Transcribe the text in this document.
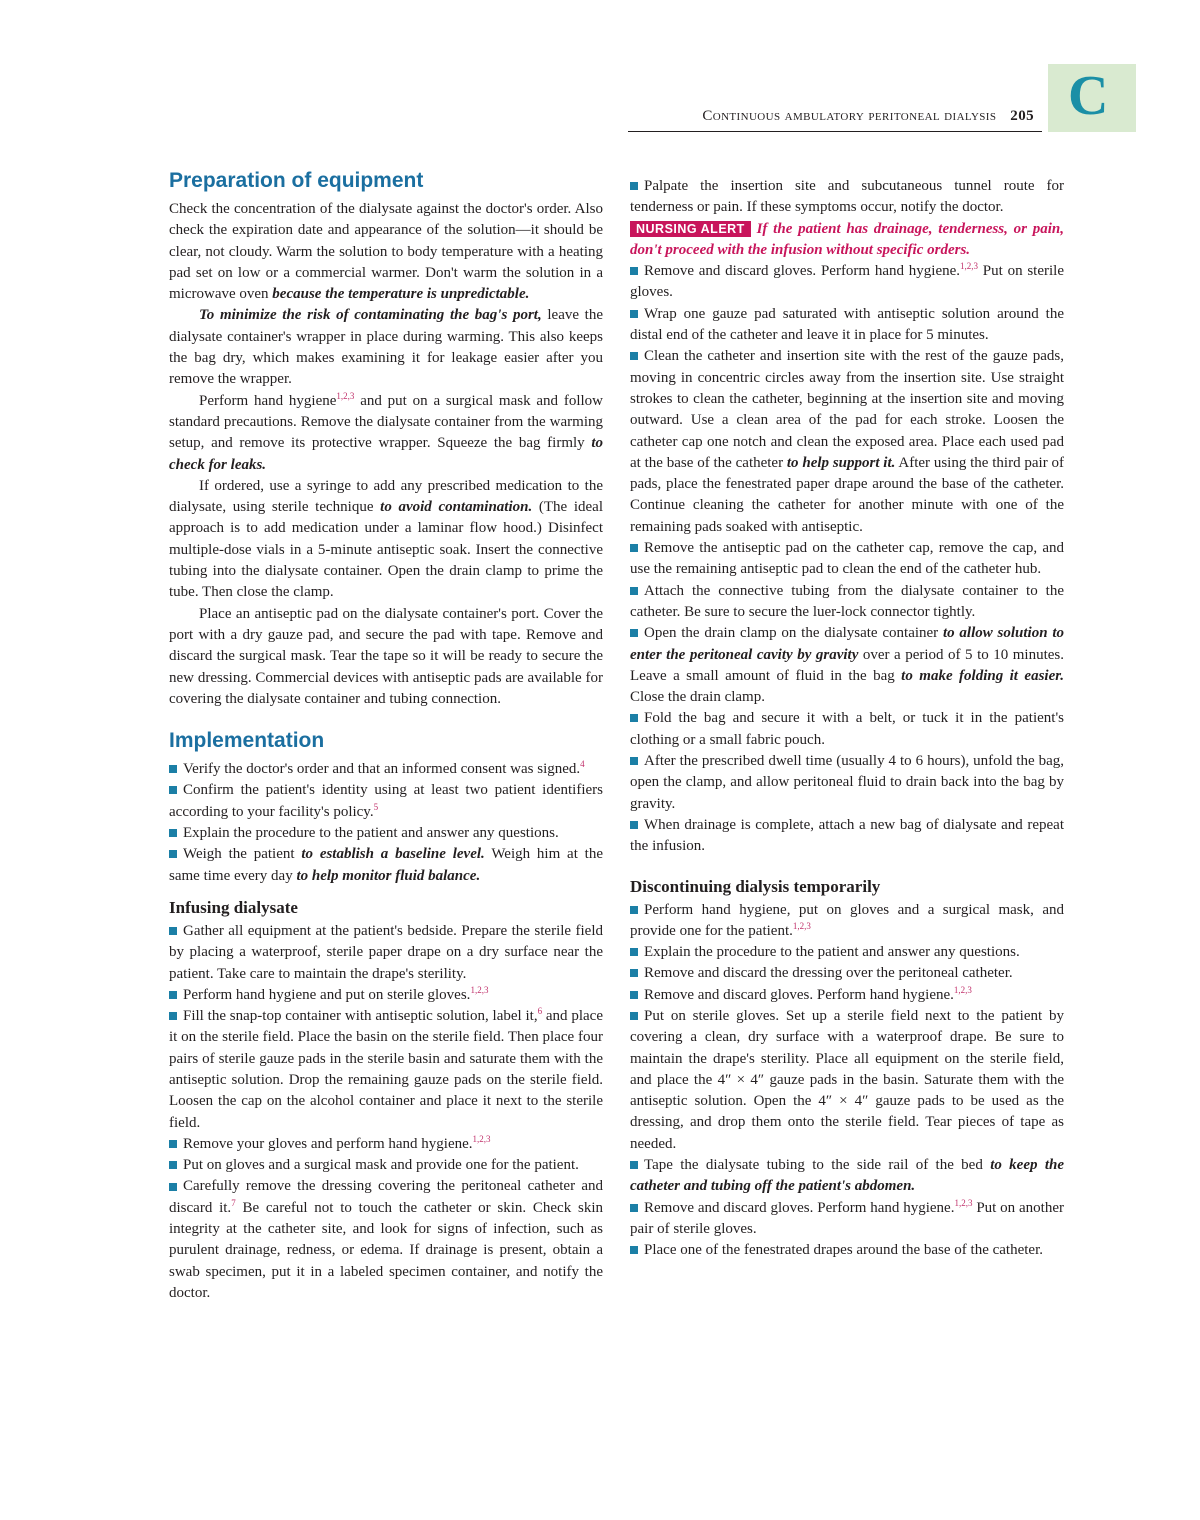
C
Continuous ambulatory peritoneal dialysis 205
Preparation of equipment

Check the concentration of the dialysate against the doctor's order. Also check the expiration date and appearance of the solution—it should be clear, not cloudy. Warm the solution to body temperature with a heating pad set on low or a commercial warmer. Don't warm the solution in a microwave oven because the temperature is unpredictable.

To minimize the risk of contaminating the bag's port, leave the dialysate container's wrapper in place during warming. This also keeps the bag dry, which makes examining it for leakage easier after you remove the wrapper.

Perform hand hygiene$^{1,2,3}$ and put on a surgical mask and follow standard precautions. Remove the dialysate container from the warming setup, and remove its protective wrapper. Squeeze the bag firmly to check for leaks.

If ordered, use a syringe to add any prescribed medication to the dialysate, using sterile technique to avoid contamination. (The ideal approach is to add medication under a laminar flow hood.) Disinfect multiple-dose vials in a 5-minute antiseptic soak. Insert the connective tubing into the dialysate container. Open the drain clamp to prime the tube. Then close the clamp.

Place an antiseptic pad on the dialysate container's port. Cover the port with a dry gauze pad, and secure the pad with tape. Remove and discard the surgical mask. Tear the tape so it will be ready to secure the new dressing. Commercial devices with antiseptic pads are available for covering the dialysate container and tubing connection.

Implementation

Verify the doctor's order and that an informed consent was signed.$^4$

Confirm the patient's identity using at least two patient identifiers according to your facility's policy.$^5$

Explain the procedure to the patient and answer any questions.

Weigh the patient to establish a baseline level. Weigh him at the same time every day to help monitor fluid balance.

Infusing dialysate

Gather all equipment at the patient's bedside. Prepare the sterile field by placing a waterproof, sterile paper drape on a dry surface near the patient. Take care to maintain the drape's sterility.

Perform hand hygiene and put on sterile gloves.$^{1,2,3}$

Fill the snap-top container with antiseptic solution, label it,$^6$ and place it on the sterile field. Place the basin on the sterile field. Then place four pairs of sterile gauze pads in the sterile basin and saturate them with the antiseptic solution. Drop the remaining gauze pads on the sterile field. Loosen the cap on the alcohol container and place it next to the sterile field.

Remove your gloves and perform hand hygiene.$^{1,2,3}$

Put on gloves and a surgical mask and provide one for the patient.

Carefully remove the dressing covering the peritoneal catheter and discard it.$^7$ Be careful not to touch the catheter or skin. Check skin integrity at the catheter site, and look for signs of infection, such as purulent drainage, redness, or edema. If drainage is present, obtain a swab specimen, put it in a labeled specimen container, and notify the doctor.

Palpate the insertion site and subcutaneous tunnel route for tenderness or pain. If these symptoms occur, notify the doctor.

NURSING ALERT If the patient has drainage, tenderness, or pain, don't proceed with the infusion without specific orders.

Remove and discard gloves. Perform hand hygiene.$^{1,2,3}$ Put on sterile gloves.

Wrap one gauze pad saturated with antiseptic solution around the distal end of the catheter and leave it in place for 5 minutes.

Clean the catheter and insertion site with the rest of the gauze pads, moving in concentric circles away from the insertion site. Use straight strokes to clean the catheter, beginning at the insertion site and moving outward. Use a clean area of the pad for each stroke. Loosen the catheter cap one notch and clean the exposed area. Place each used pad at the base of the catheter to help support it. After using the third pair of pads, place the fenestrated paper drape around the base of the catheter. Continue cleaning the catheter for another minute with one of the remaining pads soaked with antiseptic.

Remove the antiseptic pad on the catheter cap, remove the cap, and use the remaining antiseptic pad to clean the end of the catheter hub.

Attach the connective tubing from the dialysate container to the catheter. Be sure to secure the luer-lock connector tightly.

Open the drain clamp on the dialysate container to allow solution to enter the peritoneal cavity by gravity over a period of 5 to 10 minutes. Leave a small amount of fluid in the bag to make folding it easier. Close the drain clamp.

Fold the bag and secure it with a belt, or tuck it in the patient's clothing or a small fabric pouch.

After the prescribed dwell time (usually 4 to 6 hours), unfold the bag, open the clamp, and allow peritoneal fluid to drain back into the bag by gravity.

When drainage is complete, attach a new bag of dialysate and repeat the infusion.

Discontinuing dialysis temporarily

Perform hand hygiene, put on gloves and a surgical mask, and provide one for the patient.$^{1,2,3}$

Explain the procedure to the patient and answer any questions.

Remove and discard the dressing over the peritoneal catheter.

Remove and discard gloves. Perform hand hygiene.$^{1,2,3}$

Put on sterile gloves. Set up a sterile field next to the patient by covering a clean, dry surface with a waterproof drape. Be sure to maintain the drape's sterility. Place all equipment on the sterile field, and place the 4″ × 4″ gauze pads in the basin. Saturate them with the antiseptic solution. Open the 4″ × 4″ gauze pads to be used as the dressing, and drop them onto the sterile field. Tear pieces of tape as needed.

Tape the dialysate tubing to the side rail of the bed to keep the catheter and tubing off the patient's abdomen.

Remove and discard gloves. Perform hand hygiene.$^{1,2,3}$ Put on another pair of sterile gloves.

Place one of the fenestrated drapes around the base of the catheter.
